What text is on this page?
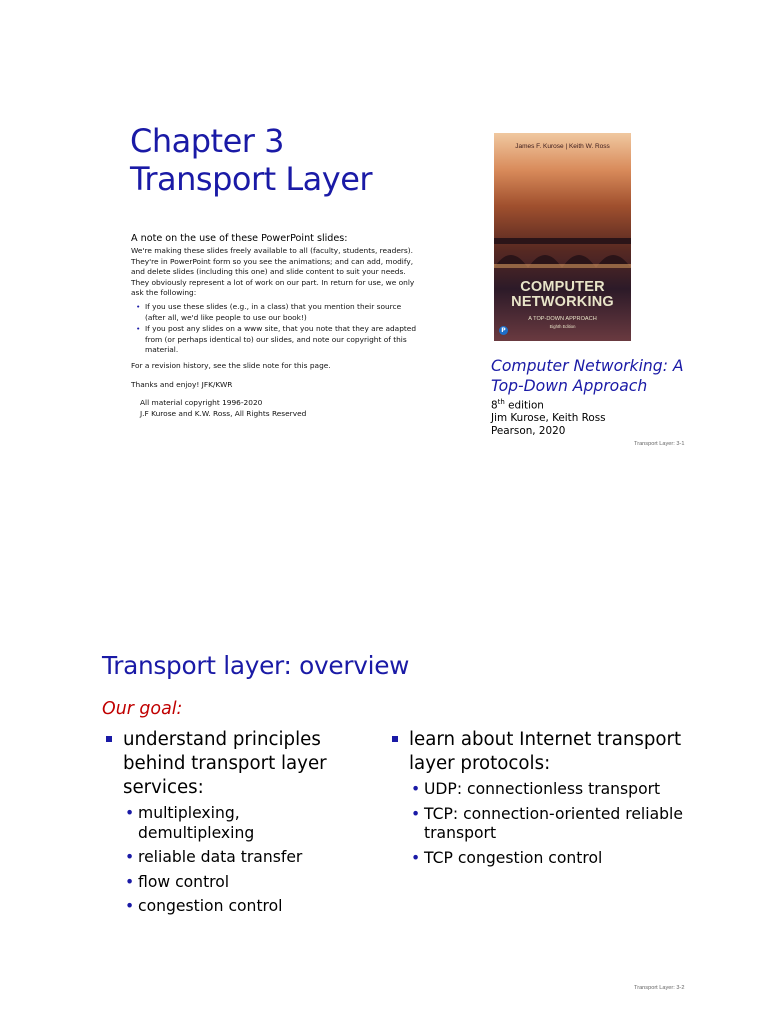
Chapter 3
Transport Layer
A note on the use of these PowerPoint slides:

We're making these slides freely available to all (faculty, students, readers). They're in PowerPoint form so you see the animations; and can add, modify, and delete slides (including this one) and slide content to suit your needs. They obviously represent a lot of work on our part. In return for use, we only ask the following:

• If you use these slides (e.g., in a class) that you mention their source (after all, we'd like people to use our book!)
• If you post any slides on a www site, that you note that they are adapted from (or perhaps identical to) our slides, and note our copyright of this material.

For a revision history, see the slide note for this page.

Thanks and enjoy! JFK/KWR

All material copyright 1996-2020

J.F Kurose and K.W. Ross, All Rights Reserved

James F. Kurose | Keith W. Ross
COMPUTER
NETWORKING
A TOP-DOWN APPROACH
Eighth Edition
P
Computer Networking: A Top-Down Approach
8th edition
Jim Kurose, Keith Ross
Pearson, 2020
Transport Layer: 3-1
Transport layer: overview
Our goal:
understand principles behind transport layer services:
• multiplexing, demultiplexing
• reliable data transfer
• flow control
• congestion control
learn about Internet transport layer protocols:
• UDP: connectionless transport
• TCP: connection-oriented reliable transport
• TCP congestion control
Transport Layer: 3-2
